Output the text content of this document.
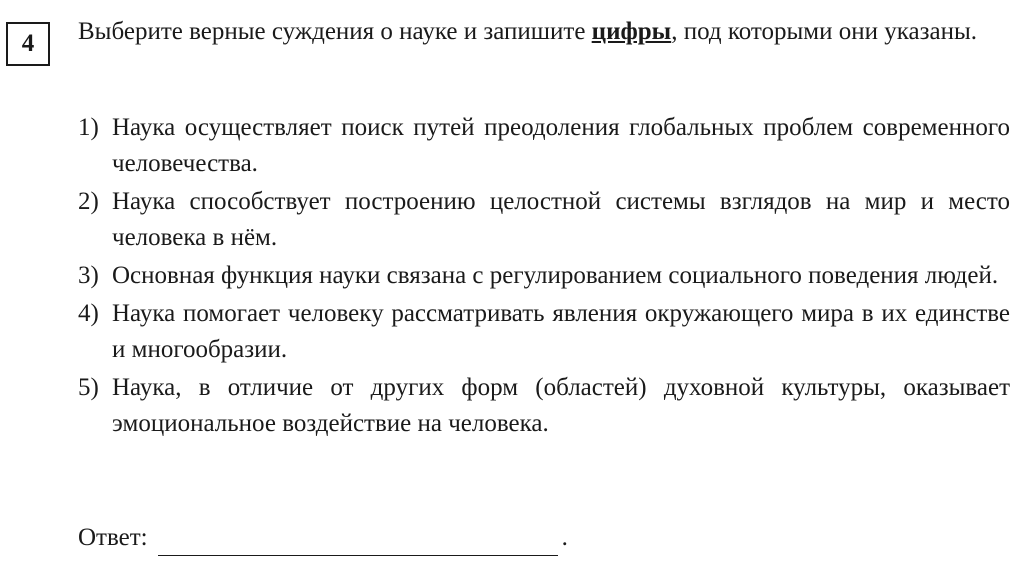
4 Выберите верные суждения о науке и запишите цифры, под которыми они указаны.
1) Наука осуществляет поиск путей преодоления глобальных проблем современного человечества.
2) Наука способствует построению целостной системы взглядов на мир и место человека в нём.
3) Основная функция науки связана с регулированием социального поведения людей.
4) Наука помогает человеку рассматривать явления окружающего мира в их единстве и многообразии.
5) Наука, в отличие от других форм (областей) духовной культуры, оказывает эмоциональное воздействие на человека.
Ответ:	.
